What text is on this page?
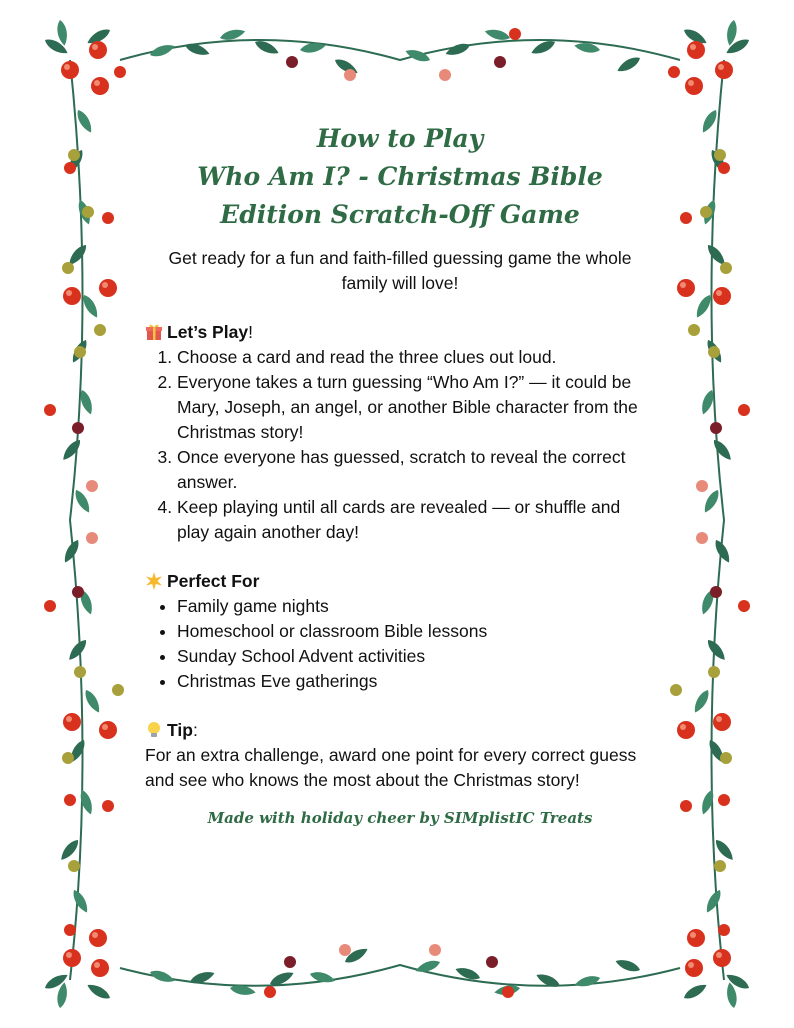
How to Play
Who Am I? - Christmas Bible
Edition Scratch-Off Game
Get ready for a fun and faith-filled guessing game the whole family will love!
Let’s Play!
1. Choose a card and read the three clues out loud.
2. Everyone takes a turn guessing “Who Am I?” — it could be Mary, Joseph, an angel, or another Bible character from the Christmas story!
3. Once everyone has guessed, scratch to reveal the correct answer.
4. Keep playing until all cards are revealed — or shuffle and play again another day!
Perfect For
• Family game nights
• Homeschool or classroom Bible lessons
• Sunday School Advent activities
• Christmas Eve gatherings
Tip:
For an extra challenge, award one point for every correct guess and see who knows the most about the Christmas story!
Made with holiday cheer by SIMplistIC Treats
